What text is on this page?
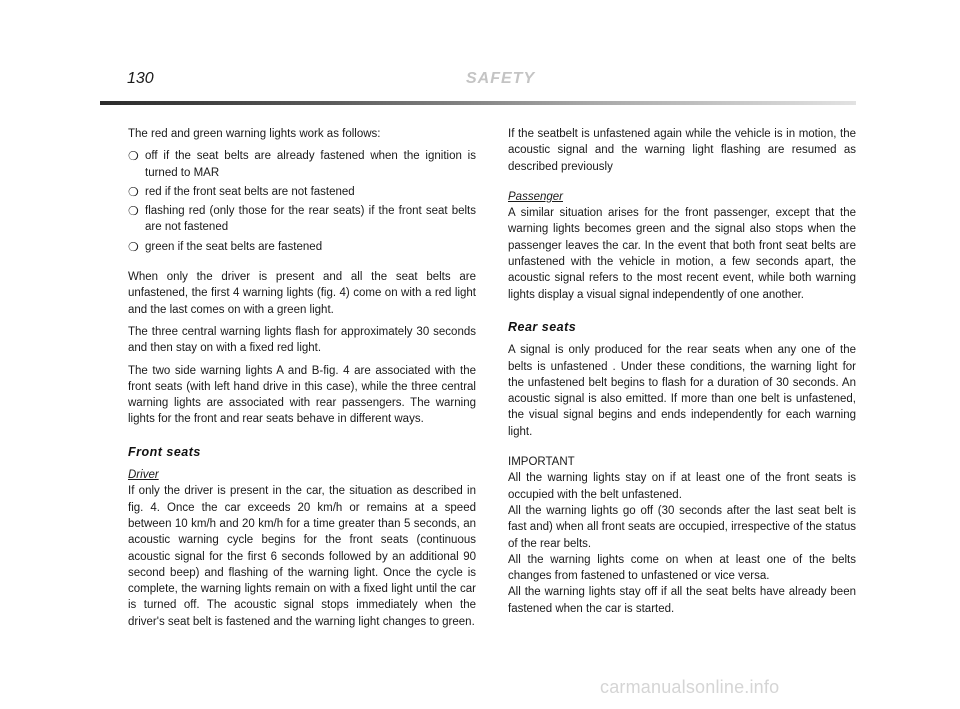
130	SAFETY

The red and green warning lights work as follows:

❍ off if the seat belts are already fastened when the ignition is turned to MAR
❍ red if the front seat belts are not fastened
❍ flashing red (only those for the rear seats) if the front seat belts are not fastened
❍ green if the seat belts are fastened

When only the driver is present and all the seat belts are unfastened, the first 4 warning lights (fig. 4) come on with a red light and the last comes on with a green light.

The three central warning lights flash for approximately 30 seconds and then stay on with a fixed red light.

The two side warning lights A and B-fig. 4 are associated with the front seats (with left hand drive in this case), while the three central warning lights are associated with rear passengers. The warning lights for the front and rear seats behave in different ways.

Front seats
Driver

If only the driver is present in the car, the situation as described in fig. 4. Once the car exceeds 20 km/h or remains at a speed between 10 km/h and 20 km/h for a time greater than 5 seconds, an acoustic warning cycle begins for the front seats (continuous acoustic signal for the first 6 seconds followed by an additional 90 second beep) and flashing of the warning light. Once the cycle is complete, the warning lights remain on with a fixed light until the car is turned off. The acoustic signal stops immediately when the driver's seat belt is fastened and the warning light changes to green.

If the seatbelt is unfastened again while the vehicle is in motion, the acoustic signal and the warning light flashing are resumed as described previously

Passenger

A similar situation arises for the front passenger, except that the warning lights becomes green and the signal also stops when the passenger leaves the car. In the event that both front seat belts are unfastened with the vehicle in motion, a few seconds apart, the acoustic signal refers to the most recent event, while both warning lights display a visual signal independently of one another.

Rear seats

A signal is only produced for the rear seats when any one of the belts is unfastened . Under these conditions, the warning light for the unfastened belt begins to flash for a duration of 30 seconds. An acoustic signal is also emitted. If more than one belt is unfastened, the visual signal begins and ends independently for each warning light.

IMPORTANT
All the warning lights stay on if at least one of the front seats is occupied with the belt unfastened.
All the warning lights go off (30 seconds after the last seat belt is fast and) when all front seats are occupied, irrespective of the status of the rear belts.
All the warning lights come on when at least one of the belts changes from fastened to unfastened or vice versa.
All the warning lights stay off if all the seat belts have already been fastened when the car is started.
carmanualsonline.info
